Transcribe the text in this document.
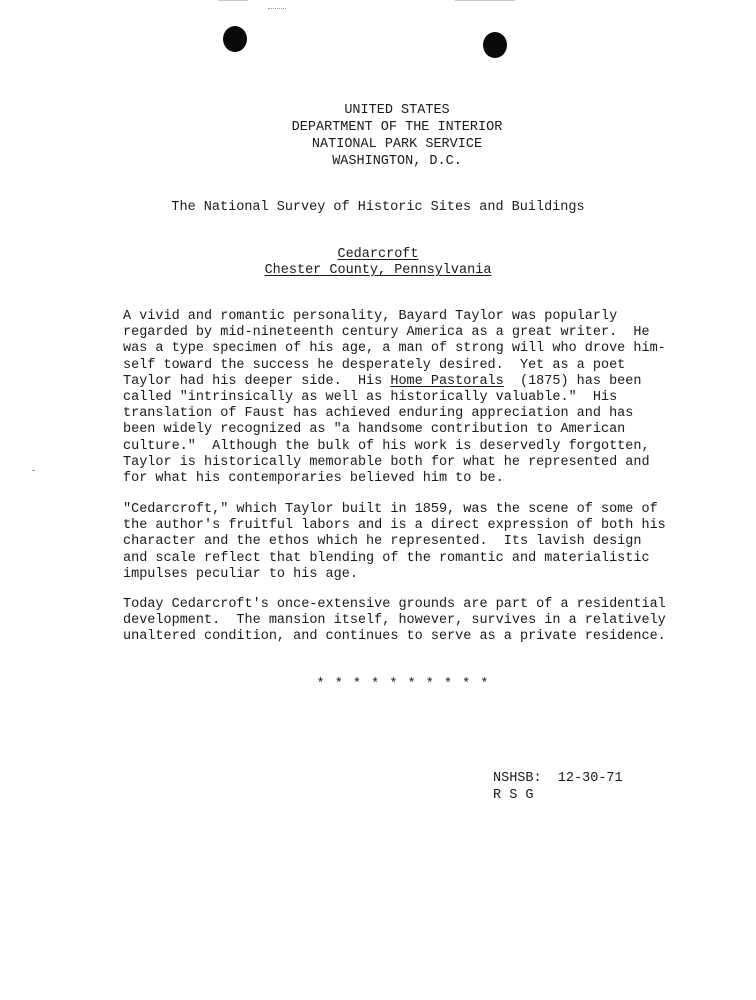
UNITED STATES
DEPARTMENT OF THE INTERIOR
NATIONAL PARK SERVICE
WASHINGTON, D.C.
The National Survey of Historic Sites and Buildings
Cedarcroft
Chester County, Pennsylvania

A vivid and romantic personality, Bayard Taylor was popularly
regarded by mid-nineteenth century America as a great writer.  He
was a type specimen of his age, a man of strong will who drove him-
self toward the success he desperately desired.  Yet as a poet
Taylor had his deeper side.  His Home Pastorals  (1875) has been
called "intrinsically as well as historically valuable."  His
translation of Faust has achieved enduring appreciation and has
been widely recognized as "a handsome contribution to American
culture."  Although the bulk of his work is deservedly forgotten,
Taylor is historically memorable both for what he represented and
for what his contemporaries believed him to be.

"Cedarcroft," which Taylor built in 1859, was the scene of some of
the author's fruitful labors and is a direct expression of both his
character and the ethos which he represented.  Its lavish design
and scale reflect that blending of the romantic and materialistic
impulses peculiar to his age.

Today Cedarcroft's once-extensive grounds are part of a residential
development.  The mansion itself, however, survives in a relatively
unaltered condition, and continues to serve as a private residence.

* * * * * * * * * *
NSHSB:  12-30-71
R S G
